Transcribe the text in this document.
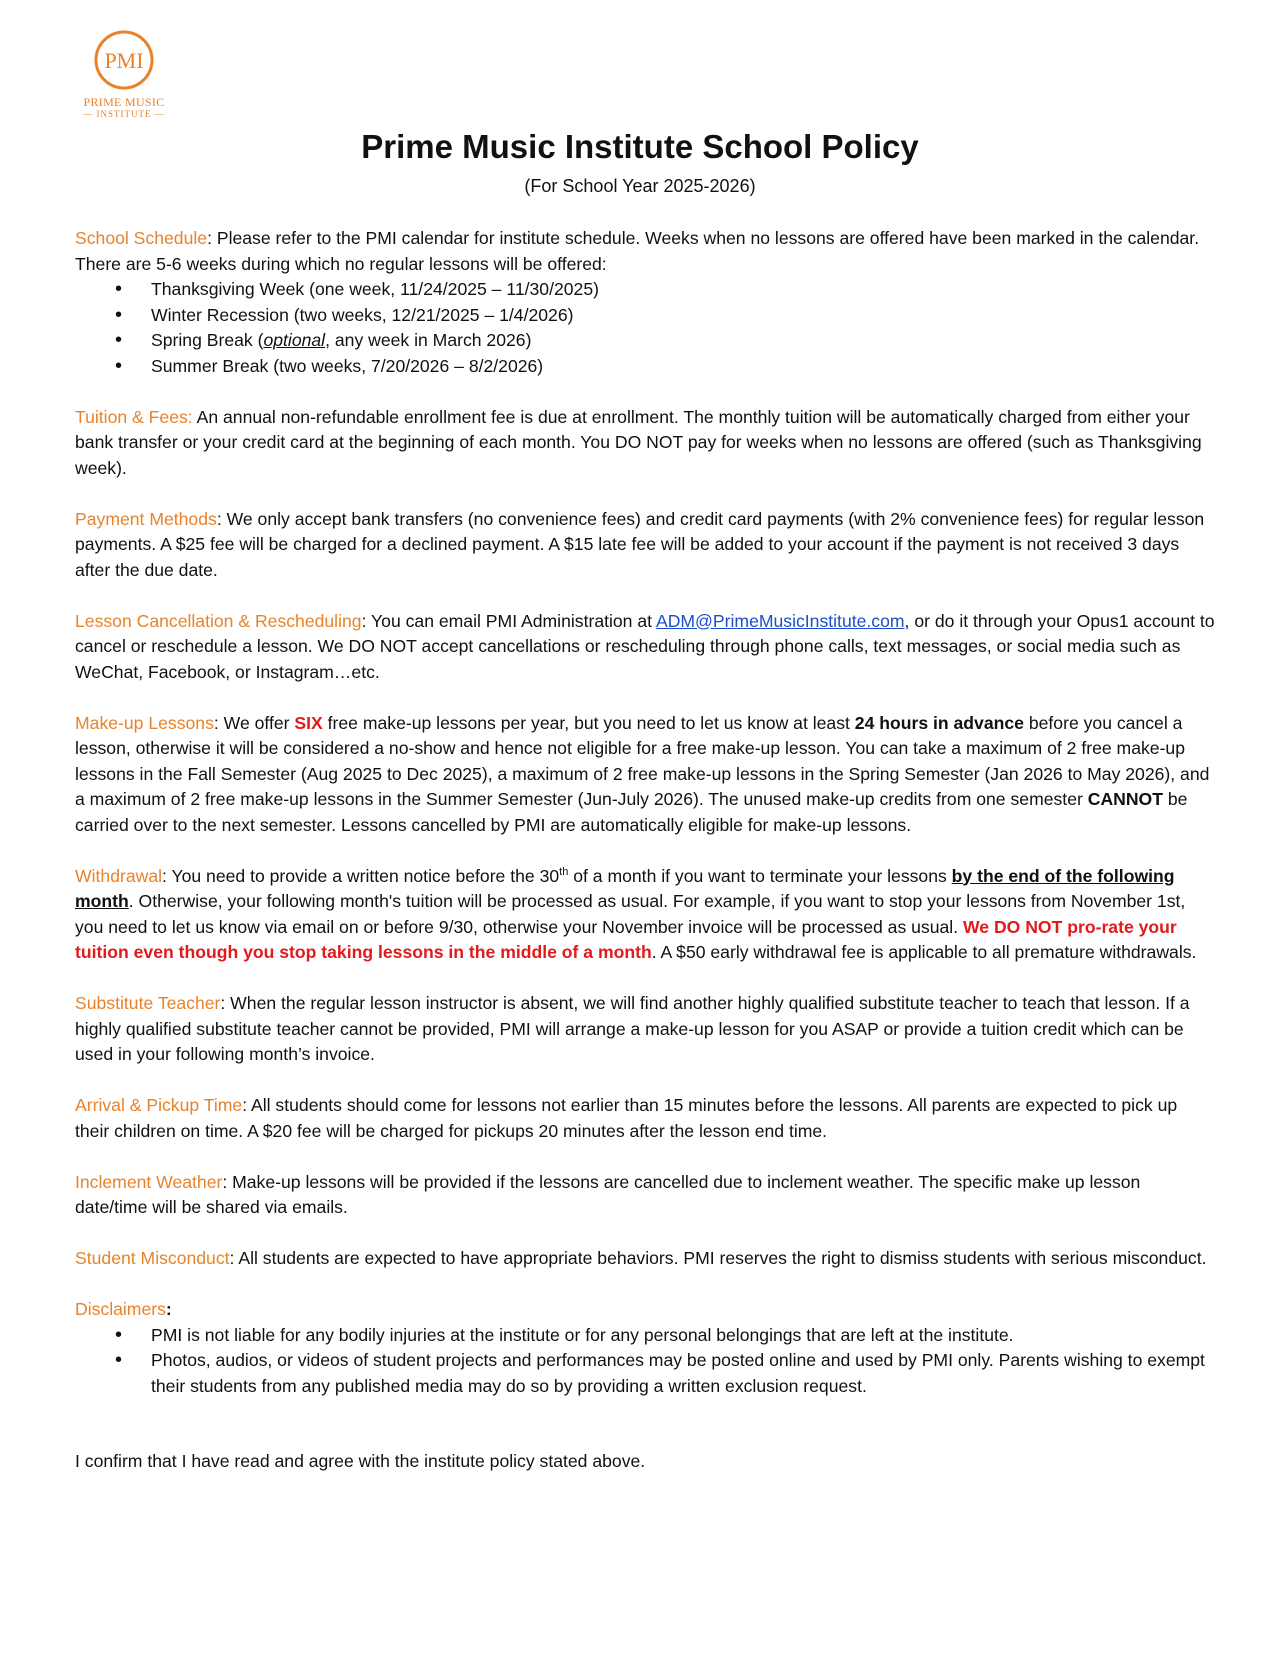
PMI
PRIME MUSIC
— INSTITUTE —
Prime Music Institute School Policy
(For School Year 2025-2026)
School Schedule: Please refer to the PMI calendar for institute schedule. Weeks when no lessons are offered have been marked in the calendar. There are 5-6 weeks during which no regular lessons will be offered:
• Thanksgiving Week (one week, 11/24/2025 – 11/30/2025)
• Winter Recession (two weeks, 12/21/2025 – 1/4/2026)
• Spring Break (optional, any week in March 2026)
• Summer Break (two weeks, 7/20/2026 – 8/2/2026)
Tuition & Fees: An annual non-refundable enrollment fee is due at enrollment. The monthly tuition will be automatically charged from either your bank transfer or your credit card at the beginning of each month. You DO NOT pay for weeks when no lessons are offered (such as Thanksgiving week).
Payment Methods: We only accept bank transfers (no convenience fees) and credit card payments (with 2% convenience fees) for regular lesson payments. A $25 fee will be charged for a declined payment. A $15 late fee will be added to your account if the payment is not received 3 days after the due date.
Lesson Cancellation & Rescheduling: You can email PMI Administration at ADM@PrimeMusicInstitute.com, or do it through your Opus1 account to cancel or reschedule a lesson. We DO NOT accept cancellations or rescheduling through phone calls, text messages, or social media such as WeChat, Facebook, or Instagram…etc.
Make-up Lessons: We offer SIX free make-up lessons per year, but you need to let us know at least 24 hours in advance before you cancel a lesson, otherwise it will be considered a no-show and hence not eligible for a free make-up lesson. You can take a maximum of 2 free make-up lessons in the Fall Semester (Aug 2025 to Dec 2025), a maximum of 2 free make-up lessons in the Spring Semester (Jan 2026 to May 2026), and a maximum of 2 free make-up lessons in the Summer Semester (Jun-July 2026). The unused make-up credits from one semester CANNOT be carried over to the next semester. Lessons cancelled by PMI are automatically eligible for make-up lessons.
Withdrawal: You need to provide a written notice before the 30th of a month if you want to terminate your lessons by the end of the following month. Otherwise, your following month's tuition will be processed as usual. For example, if you want to stop your lessons from November 1st, you need to let us know via email on or before 9/30, otherwise your November invoice will be processed as usual. We DO NOT pro-rate your tuition even though you stop taking lessons in the middle of a month. A $50 early withdrawal fee is applicable to all premature withdrawals.
Substitute Teacher: When the regular lesson instructor is absent, we will find another highly qualified substitute teacher to teach that lesson. If a highly qualified substitute teacher cannot be provided, PMI will arrange a make-up lesson for you ASAP or provide a tuition credit which can be used in your following month’s invoice.
Arrival & Pickup Time: All students should come for lessons not earlier than 15 minutes before the lessons. All parents are expected to pick up their children on time. A $20 fee will be charged for pickups 20 minutes after the lesson end time.
Inclement Weather: Make-up lessons will be provided if the lessons are cancelled due to inclement weather. The specific make up lesson date/time will be shared via emails.
Student Misconduct: All students are expected to have appropriate behaviors. PMI reserves the right to dismiss students with serious misconduct.
Disclaimers:
• PMI is not liable for any bodily injuries at the institute or for any personal belongings that are left at the institute.
• Photos, audios, or videos of student projects and performances may be posted online and used by PMI only. Parents wishing to exempt their students from any published media may do so by providing a written exclusion request.
I confirm that I have read and agree with the institute policy stated above.
